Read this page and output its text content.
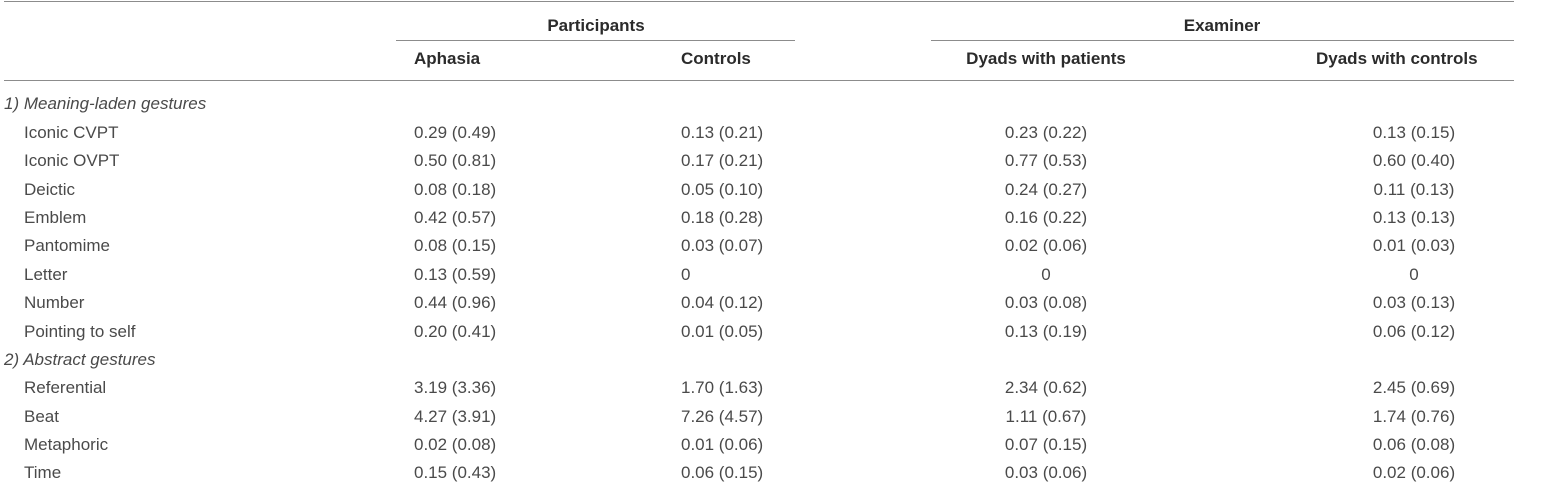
Participants	Examiner
Aphasia	Controls	Dyads with patients	Dyads with controls
1) Meaning-laden gestures
Iconic CVPT	0.29 (0.49)	0.13 (0.21)	0.23 (0.22)	0.13 (0.15)
Iconic OVPT	0.50 (0.81)	0.17 (0.21)	0.77 (0.53)	0.60 (0.40)
Deictic	0.08 (0.18)	0.05 (0.10)	0.24 (0.27)	0.11 (0.13)
Emblem	0.42 (0.57)	0.18 (0.28)	0.16 (0.22)	0.13 (0.13)
Pantomime	0.08 (0.15)	0.03 (0.07)	0.02 (0.06)	0.01 (0.03)
Letter	0.13 (0.59)	0	0	0
Number	0.44 (0.96)	0.04 (0.12)	0.03 (0.08)	0.03 (0.13)
Pointing to self	0.20 (0.41)	0.01 (0.05)	0.13 (0.19)	0.06 (0.12)
2) Abstract gestures
Referential	3.19 (3.36)	1.70 (1.63)	2.34 (0.62)	2.45 (0.69)
Beat	4.27 (3.91)	7.26 (4.57)	1.11 (0.67)	1.74 (0.76)
Metaphoric	0.02 (0.08)	0.01 (0.06)	0.07 (0.15)	0.06 (0.08)
Time	0.15 (0.43)	0.06 (0.15)	0.03 (0.06)	0.02 (0.06)
